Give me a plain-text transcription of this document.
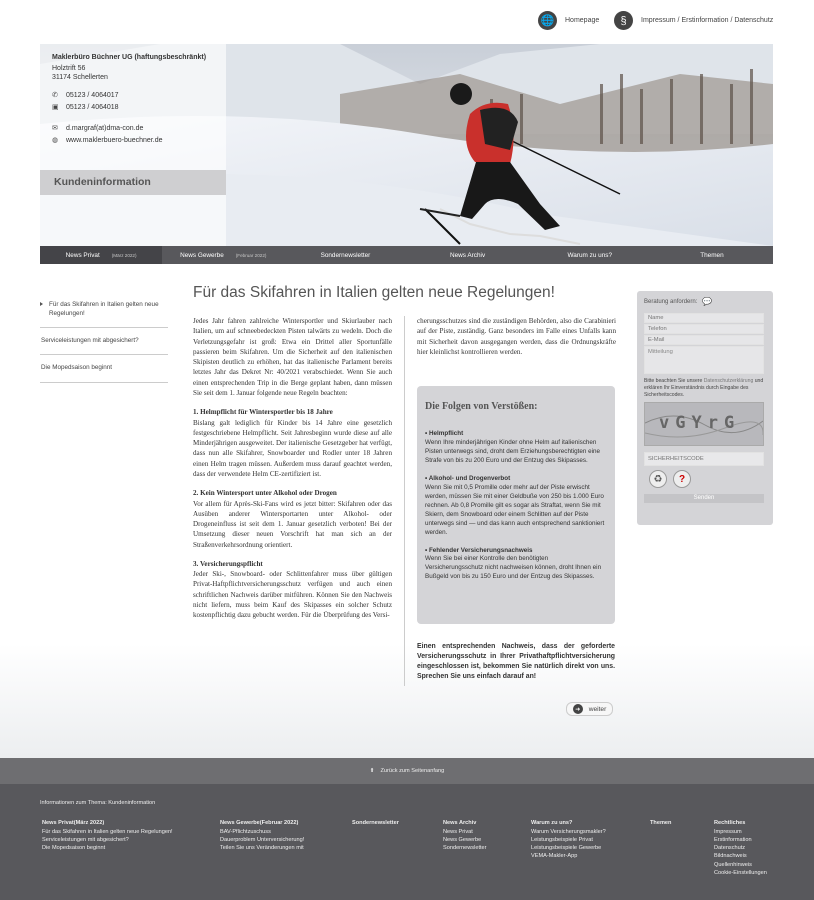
🌐	Homepage	§	Impressum / Erstinformation / Datenschutz
Maklerbüro Büchner UG (haftungsbeschränkt)
Holztrift 56
31174 Schellerten
✆	05123 / 4064017
▣	05123 / 4064018
✉	d.margraf(at)dma-con.de
◍	www.maklerbuero-buechner.de
Kundeninformation
News Privat	(März 2022)	News Gewerbe	(Februar 2022)	Sondernewsletter	News Archiv	Warum zu uns?	Themen
Für das Skifahren in Italien gelten neue Regelungen!
Serviceleistungen mit abgesichert?
Die Mopedsaison beginnt
Für das Skifahren in Italien gelten neue Regelungen!

Jedes Jahr fahren zahlreiche Wintersportler und Skiurlauber nach Italien, um auf schneebedeckten Pisten talwärts zu wedeln. Doch die Verletzungsgefahr ist groß: Etwa ein Drittel aller Sportunfälle passieren beim Skifahren. Um die Sicherheit auf den italienischen Skipisten deutlich zu erhöhen, hat das italienische Parlament bereits letztes Jahr das Dekret Nr: 40/2021 verabschiedet. Wenn Sie auch einen entsprechenden Trip in die Berge geplant haben, dann müssen Sie seit dem 1. Januar folgende neue Regeln beachten:

1. Helmpflicht für Wintersportler bis 18 Jahre
Bislang galt lediglich für Kinder bis 14 Jahre eine gesetzlich festgeschriebene Helmpflicht. Seit Jahresbeginn wurde diese auf alle Minderjährigen ausgeweitet. Der italienische Gesetzgeber hat verfügt, dass nun alle Skifahrer, Snowboarder und Rodler unter 18 Jahren einen Helm tragen müssen. Außerdem muss darauf geachtet werden, dass der verwendete Helm CE-zertifiziert ist.

2. Kein Wintersport unter Alkohol oder Drogen
Vor allem für Après-Ski-Fans wird es jetzt bitter: Skifahren oder das Ausüben anderer Wintersportarten unter Alkohol- oder Drogeneinfluss ist seit dem 1. Januar gesetzlich verboten! Bei der Umsetzung dieser neuen Vorschrift hat man sich an der Straßenverkehrsordnung orientiert.

3. Versicherungspflicht
Jeder Ski-, Snowboard- oder Schlittenfahrer muss über gültigen Privat-Haftpflichtversicherungsschutz verfügen und auch einen schriftlichen Nachweis darüber mitführen. Können Sie den Nachweis nicht liefern, muss beim Kauf des Skipasses ein solcher Schutz kostenpflichtig dazu gebucht werden. Für die Überprüfung des Versi-

cherungsschutzes sind die zuständigen Behörden, also die Carabinieri auf der Piste, zuständig. Ganz besonders im Falle eines Unfalls kann mit Sicherheit davon ausgegangen werden, dass die Ordnungskräfte hier kleinlichst kontrollieren werden.

Die Folgen von Verstößen:
• Helmpflicht
Wenn Ihre minderjährigen Kinder ohne Helm auf italienischen Pisten unterwegs sind, droht dem Erziehungsberechtigten eine Strafe von bis zu 200 Euro und der Entzug des Skipasses.
• Alkohol- und Drogenverbot
Wenn Sie mit 0,5 Promille oder mehr auf der Piste erwischt werden, müssen Sie mit einer Geldbuße von 250 bis 1.000 Euro rechnen. Ab 0,8 Promille gilt es sogar als Straftat, wenn Sie mit Skiern, dem Snowboard oder einem Schlitten auf der Piste unterwegs sind — und das kann auch entsprechend sanktioniert werden.
• Fehlender Versicherungsnachweis
Wenn Sie bei einer Kontrolle den benötigten Versicherungsschutz nicht nachweisen können, droht Ihnen ein Bußgeld von bis zu 150 Euro und der Entzug des Skipasses.
Einen entsprechenden Nachweis, dass der geforderte Versicherungsschutz in Ihrer Privathaftpflichtversicherung eingeschlossen ist, bekommen Sie natürlich direkt von uns. Sprechen Sie uns einfach darauf an!
➜	weiter
Beratung anfordern: 💬
Name
Telefon
E-Mail
Mitteilung
Bitte beachten Sie unsere Datenschutzerklärung und erklären Ihr Einverständnis durch Eingabe des Sicherheitscodes.
vGYrG
SICHERHEITSCODE
♻	?
Senden
⬆ Zurück zum Seitenanfang
Informationen zum Thema: Kundeninformation
News Privat(März 2022)
Für das Skifahren in Italien gelten neue Regelungen!
Serviceleistungen mit abgesichert?
Die Mopedsaison beginnt
News Gewerbe(Februar 2022)
BAV-Pflichtzuschuss
Dauerproblem Unterversicherung!
Teilen Sie uns Veränderungen mit
Sondernewsletter	News Archiv
News Privat
News Gewerbe
Sondernewsletter
Warum zu uns?
Warum Versicherungsmakler?
Leistungsbeispiele Privat
Leistungsbeispiele Gewerbe
VEMA-Makler-App
Themen	Rechtliches
Impressum
Erstinformation
Datenschutz
Bildnachweis
Quellenhinweis
Cookie-Einstellungen
